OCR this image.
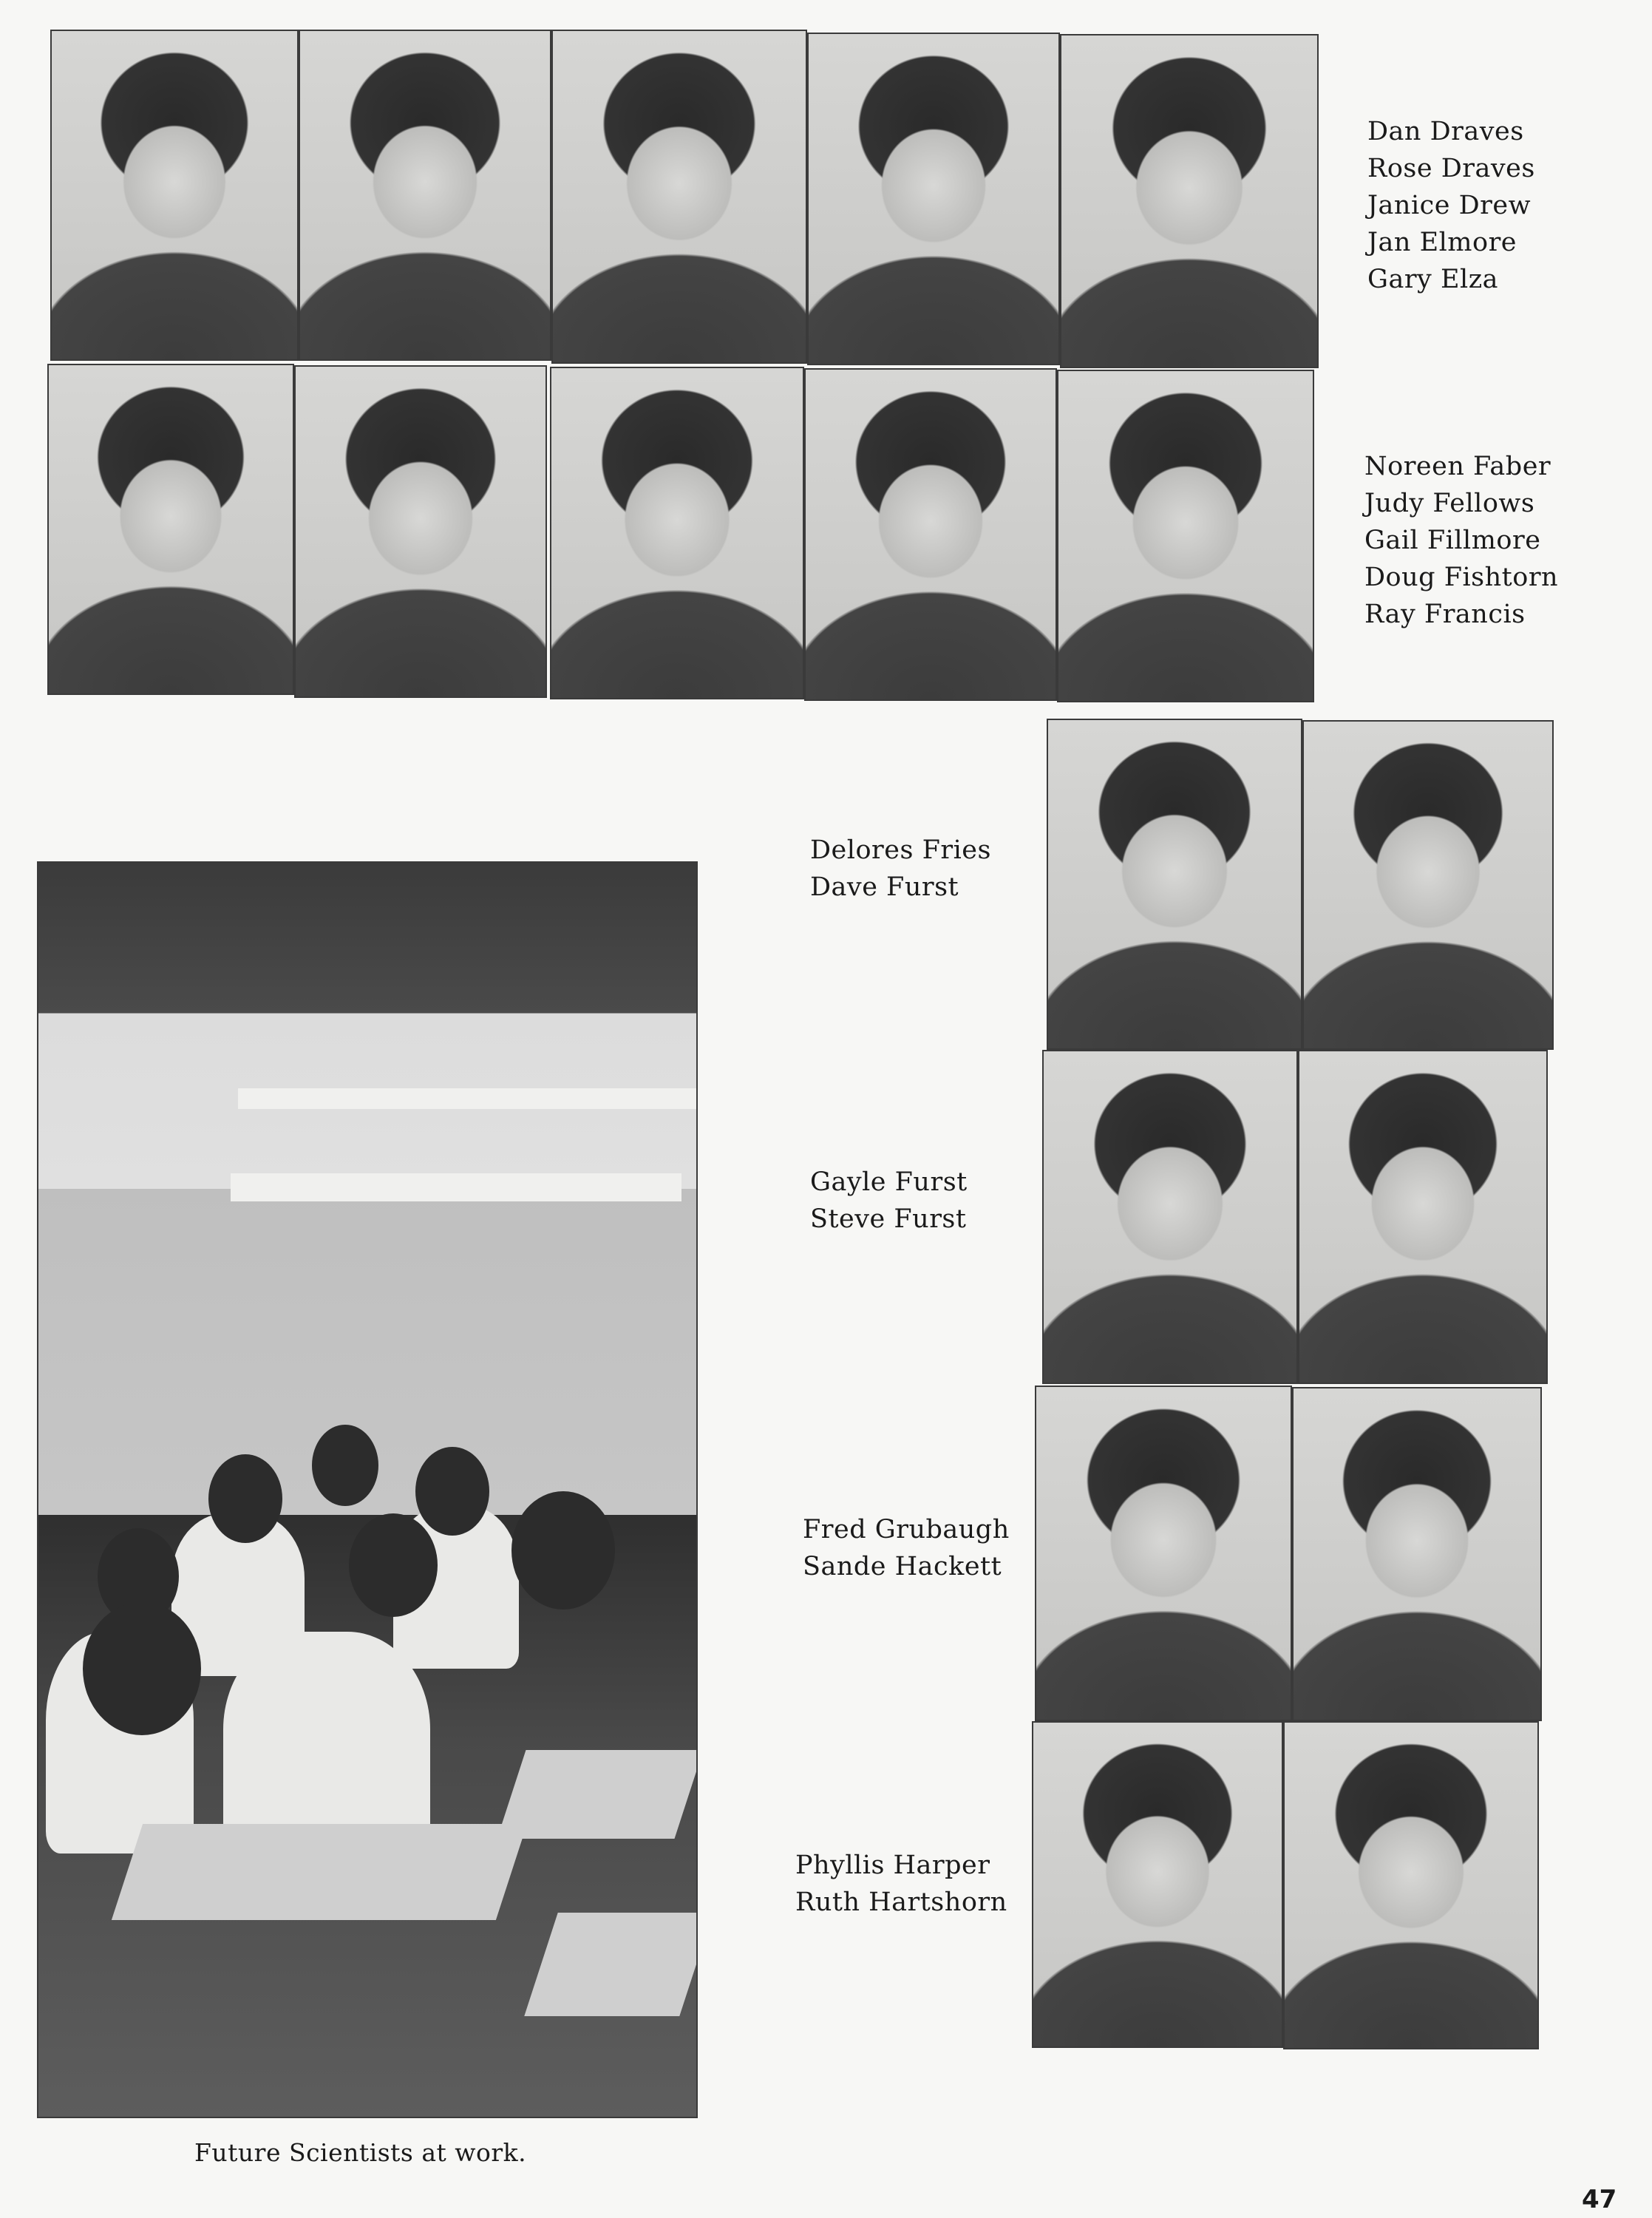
Dan Draves
Rose Draves
Janice Drew
Jan Elmore
Gary Elza
Noreen Faber
Judy Fellows
Gail Fillmore
Doug Fishtorn
Ray Francis
Future Scientists at work.
Delores Fries
Dave Furst
Gayle Furst
Steve Furst
Fred Grubaugh
Sande Hackett
Phyllis Harper
Ruth Hartshorn
47
